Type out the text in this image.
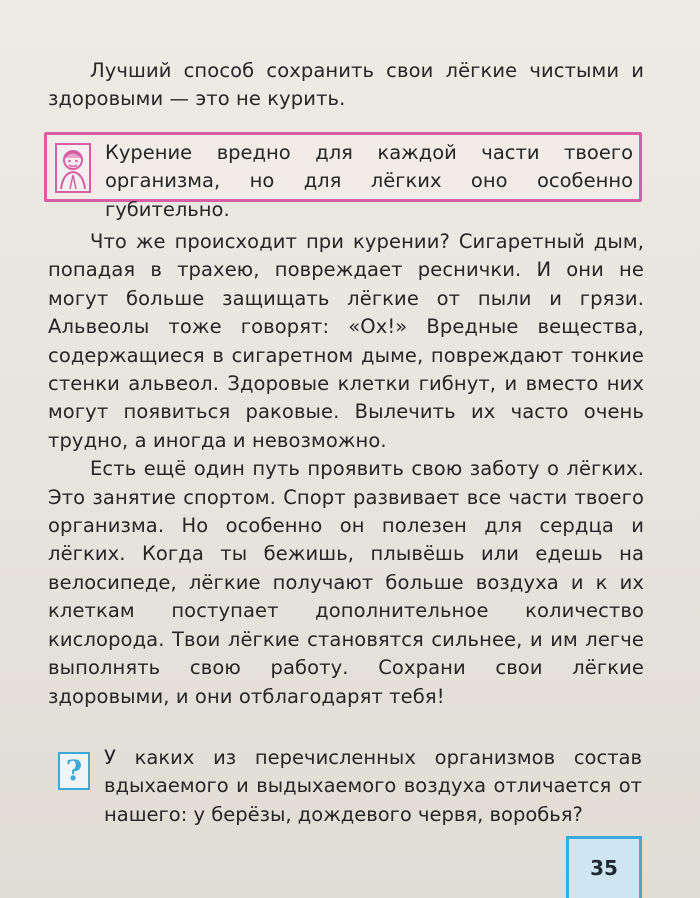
Лучший способ сохранить свои лёгкие чистыми и здоровыми — это не курить.

Курение вредно для каждой части твоего организма, но для лёгких оно особенно губительно.

Что же происходит при курении? Сигаретный дым, попадая в трахею, повреждает реснички. И они не могут больше защищать лёгкие от пыли и грязи. Альвеолы тоже говорят: «Ох!» Вредные вещества, содержащиеся в сигаретном дыме, повреждают тонкие стенки альвеол. Здоровые клетки гибнут, и вместо них могут появиться раковые. Вылечить их часто очень трудно, а иногда и невозможно.

Есть ещё один путь проявить свою заботу о лёгких. Это занятие спортом. Спорт развивает все части твоего организма. Но особенно он полезен для сердца и лёгких. Когда ты бежишь, плывёшь или едешь на велосипеде, лёгкие получают больше воздуха и к их клеткам поступает дополнительное количество кислорода. Твои лёгкие становятся сильнее, и им легче выполнять свою работу. Сохрани свои лёгкие здоровыми, и они отблагодарят тебя!

?	У каких из перечисленных организмов состав вдыхаемого и выдыхаемого воздуха отличается от нашего: у берёзы, дождевого червя, воробья?

35
